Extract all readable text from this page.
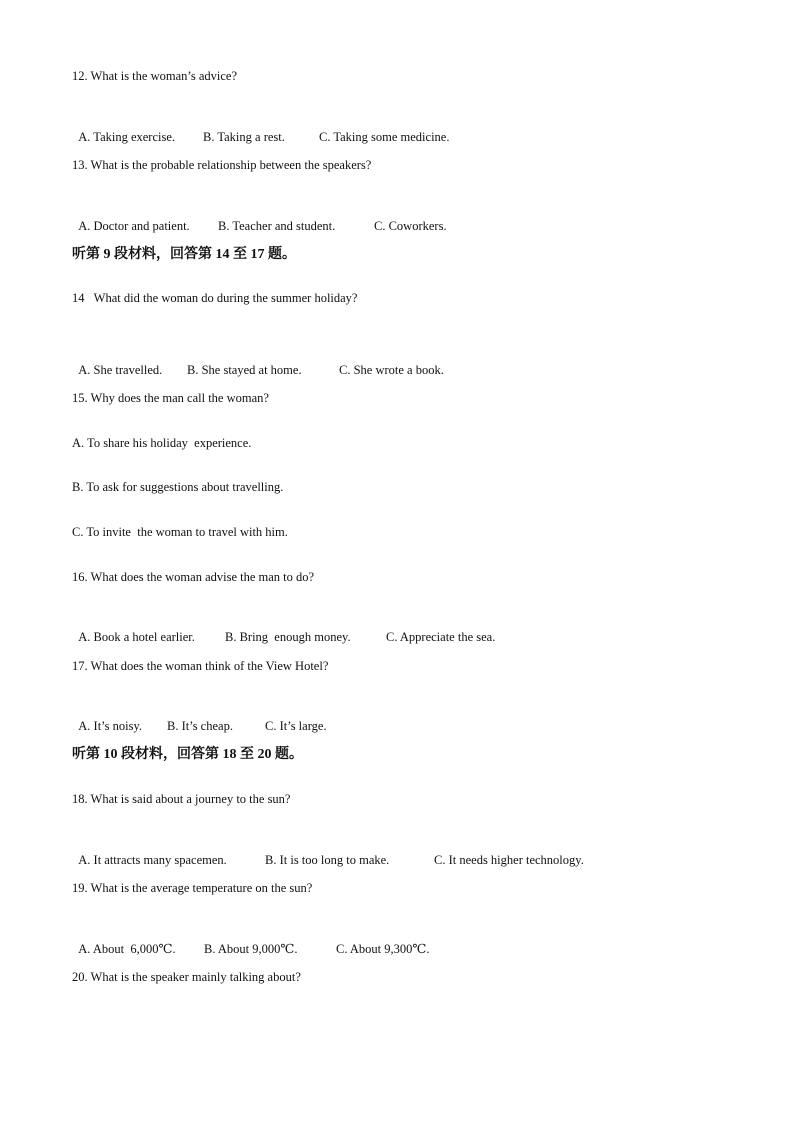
12. What is the woman’s advice?

A. Taking exercise. B. Taking a rest.	C. Taking some medicine.

13. What is the probable relationship between the speakers?

A. Doctor and patient. B. Teacher and student.	C. Coworkers.

听第 9 段材料，回答第 14 至 17 题。
14   What did the woman do during the summer holiday?

A. She travelled. B. She stayed at home.	C. She wrote a book.

15. Why does the man call the woman?
A. To share his holiday  experience.
B. To ask for suggestions about travelling.
C. To invite  the woman to travel with him.
16. What does the woman advise the man to do?

A. Book a hotel earlier. B. Bring  enough money.	C. Appreciate the sea.

17. What does the woman think of the View Hotel?

A. It’s noisy. B. It’s cheap.	C. It’s large.

听第 10 段材料，回答第 18 至 20 题。
18. What is said about a journey to the sun?

A. It attracts many spacemen.	B. It is too long to make.	C. It needs higher technology.

19. What is the average temperature on the sun?

A. About  6,000℃. B. About 9,000℃.	C. About 9,300℃.

20. What is the speaker mainly talking about?
